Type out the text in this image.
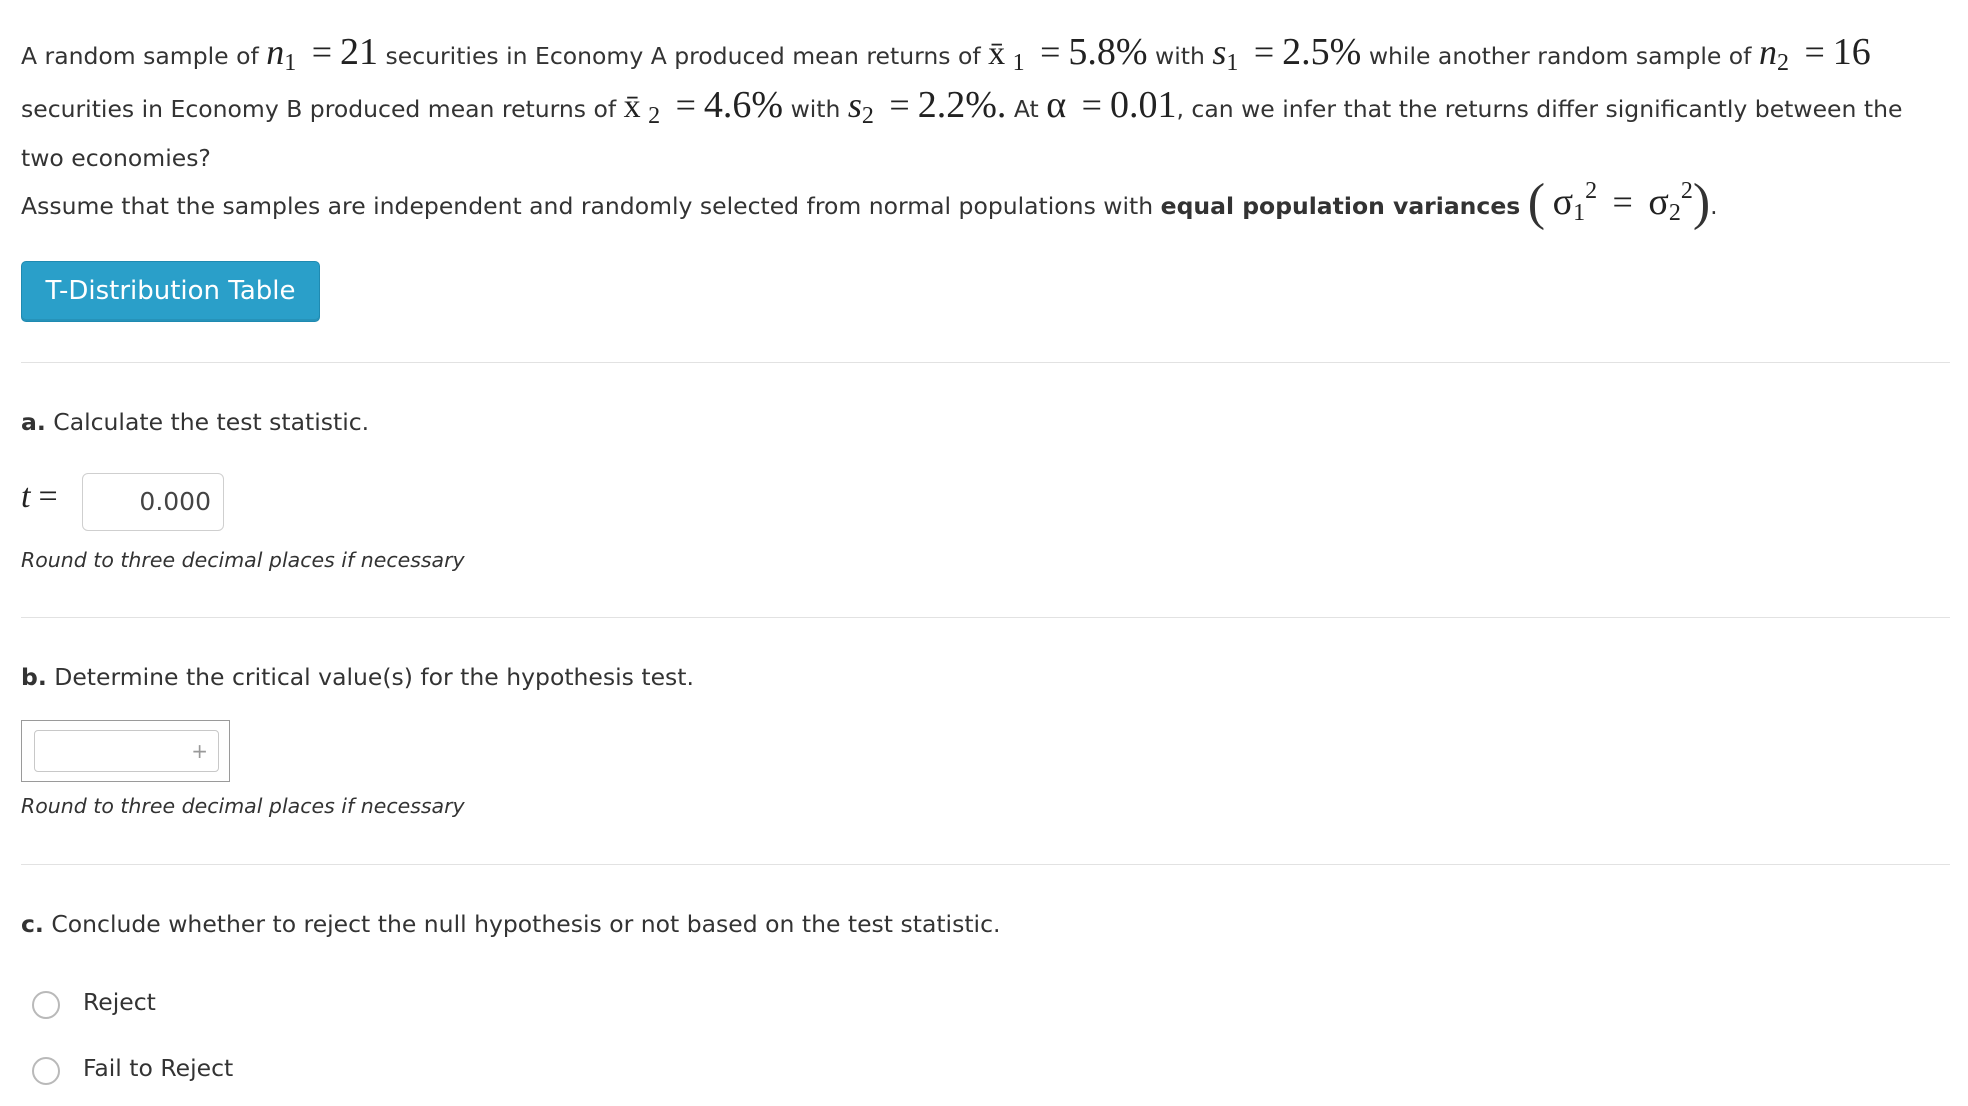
A random sample of n1 = 21 securities in Economy A produced mean returns of x̄ 1 = 5.8% with s1 = 2.5% while another random sample of n2 = 16 securities in Economy B produced mean returns of x̄ 2 = 4.6% with s2 = 2.2%. At α = 0.01, can we infer that the returns differ significantly between the two economies?
Assume that the samples are independent and randomly selected from normal populations with equal population variances ( σ12 = σ22).
T-Distribution Table
a. Calculate the test statistic.
t =	0.000
Round to three decimal places if necessary
b. Determine the critical value(s) for the hypothesis test.
+
Round to three decimal places if necessary
c. Conclude whether to reject the null hypothesis or not based on the test statistic.
Reject
Fail to Reject
